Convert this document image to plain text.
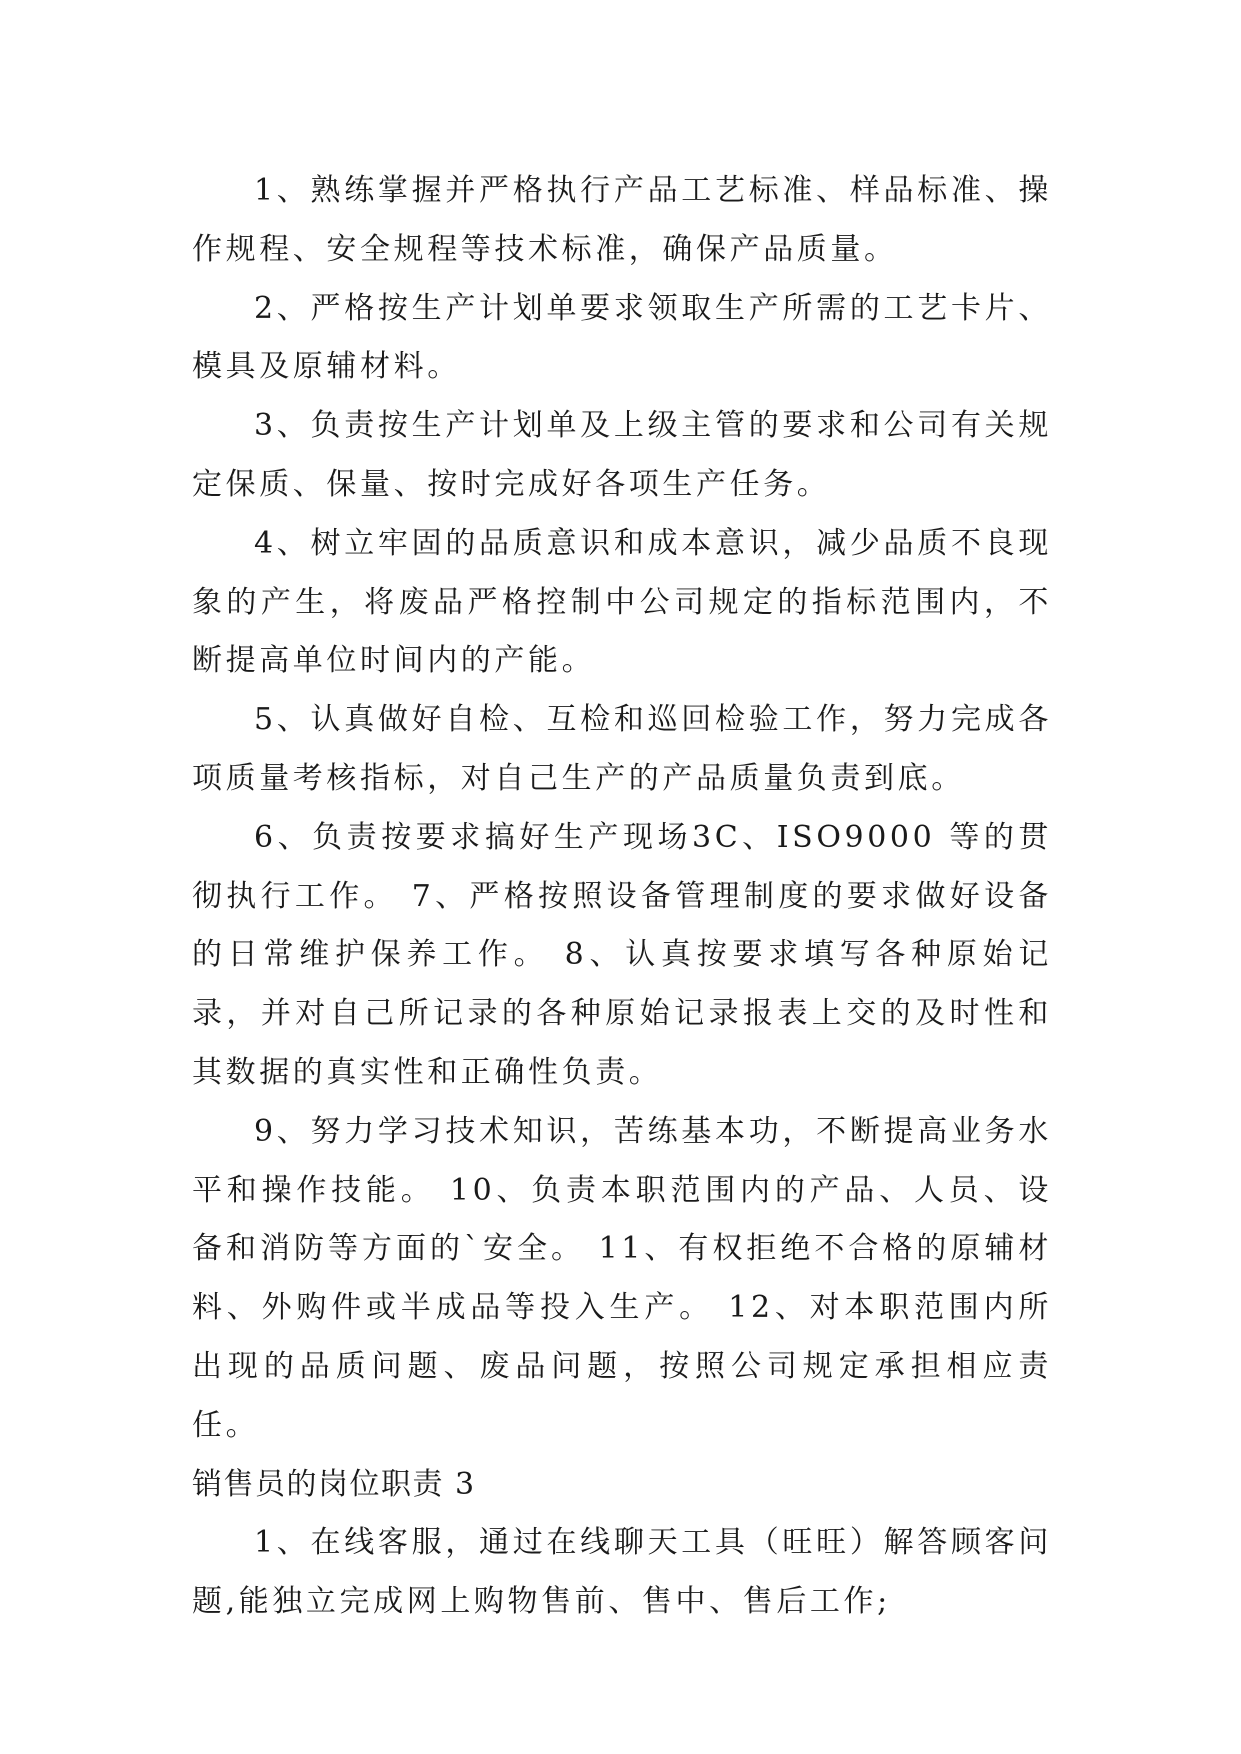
1、熟练掌握并严格执行产品工艺标准、样品标准、操作规程、安全规程等技术标准，确保产品质量。

2、严格按生产计划单要求领取生产所需的工艺卡片、模具及原辅材料。

3、负责按生产计划单及上级主管的要求和公司有关规定保质、保量、按时完成好各项生产任务。

4、树立牢固的品质意识和成本意识，减少品质不良现象的产生，将废品严格控制中公司规定的指标范围内，不断提高单位时间内的产能。

5、认真做好自检、互检和巡回检验工作，努力完成各项质量考核指标，对自己生产的产品质量负责到底。

6、负责按要求搞好生产现场3C、ISO9000 等的贯彻执行工作。 7、严格按照设备管理制度的要求做好设备的日常维护保养工作。 8、认真按要求填写各种原始记录，并对自己所记录的各种原始记录报表上交的及时性和其数据的真实性和正确性负责。

9、努力学习技术知识，苦练基本功，不断提高业务水平和操作技能。 10、负责本职范围内的产品、人员、设备和消防等方面的`安全。 11、有权拒绝不合格的原辅材料、外购件或半成品等投入生产。 12、对本职范围内所出现的品质问题、废品问题，按照公司规定承担相应责任。

销售员的岗位职责 3

1、在线客服，通过在线聊天工具（旺旺）解答顾客问题,能独立完成网上购物售前、售中、售后工作;
